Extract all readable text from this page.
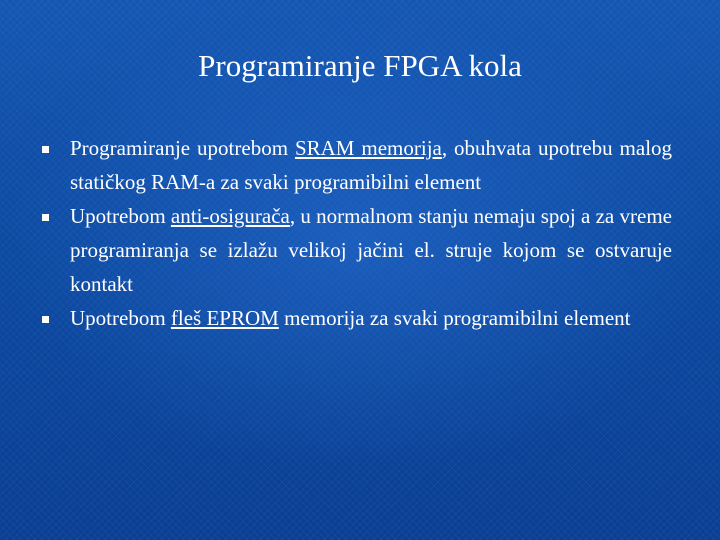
Programiranje FPGA kola
Programiranje upotrebom SRAM memorija, obuhvata upotrebu malog statičkog RAM-a za svaki programibilni element
Upotrebom anti-osigurača, u normalnom stanju nemaju spoj a za vreme programiranja se izlažu velikoj jačini el. struje kojom se ostvaruje kontakt
Upotrebom fleš EPROM memorija za svaki programibilni element
